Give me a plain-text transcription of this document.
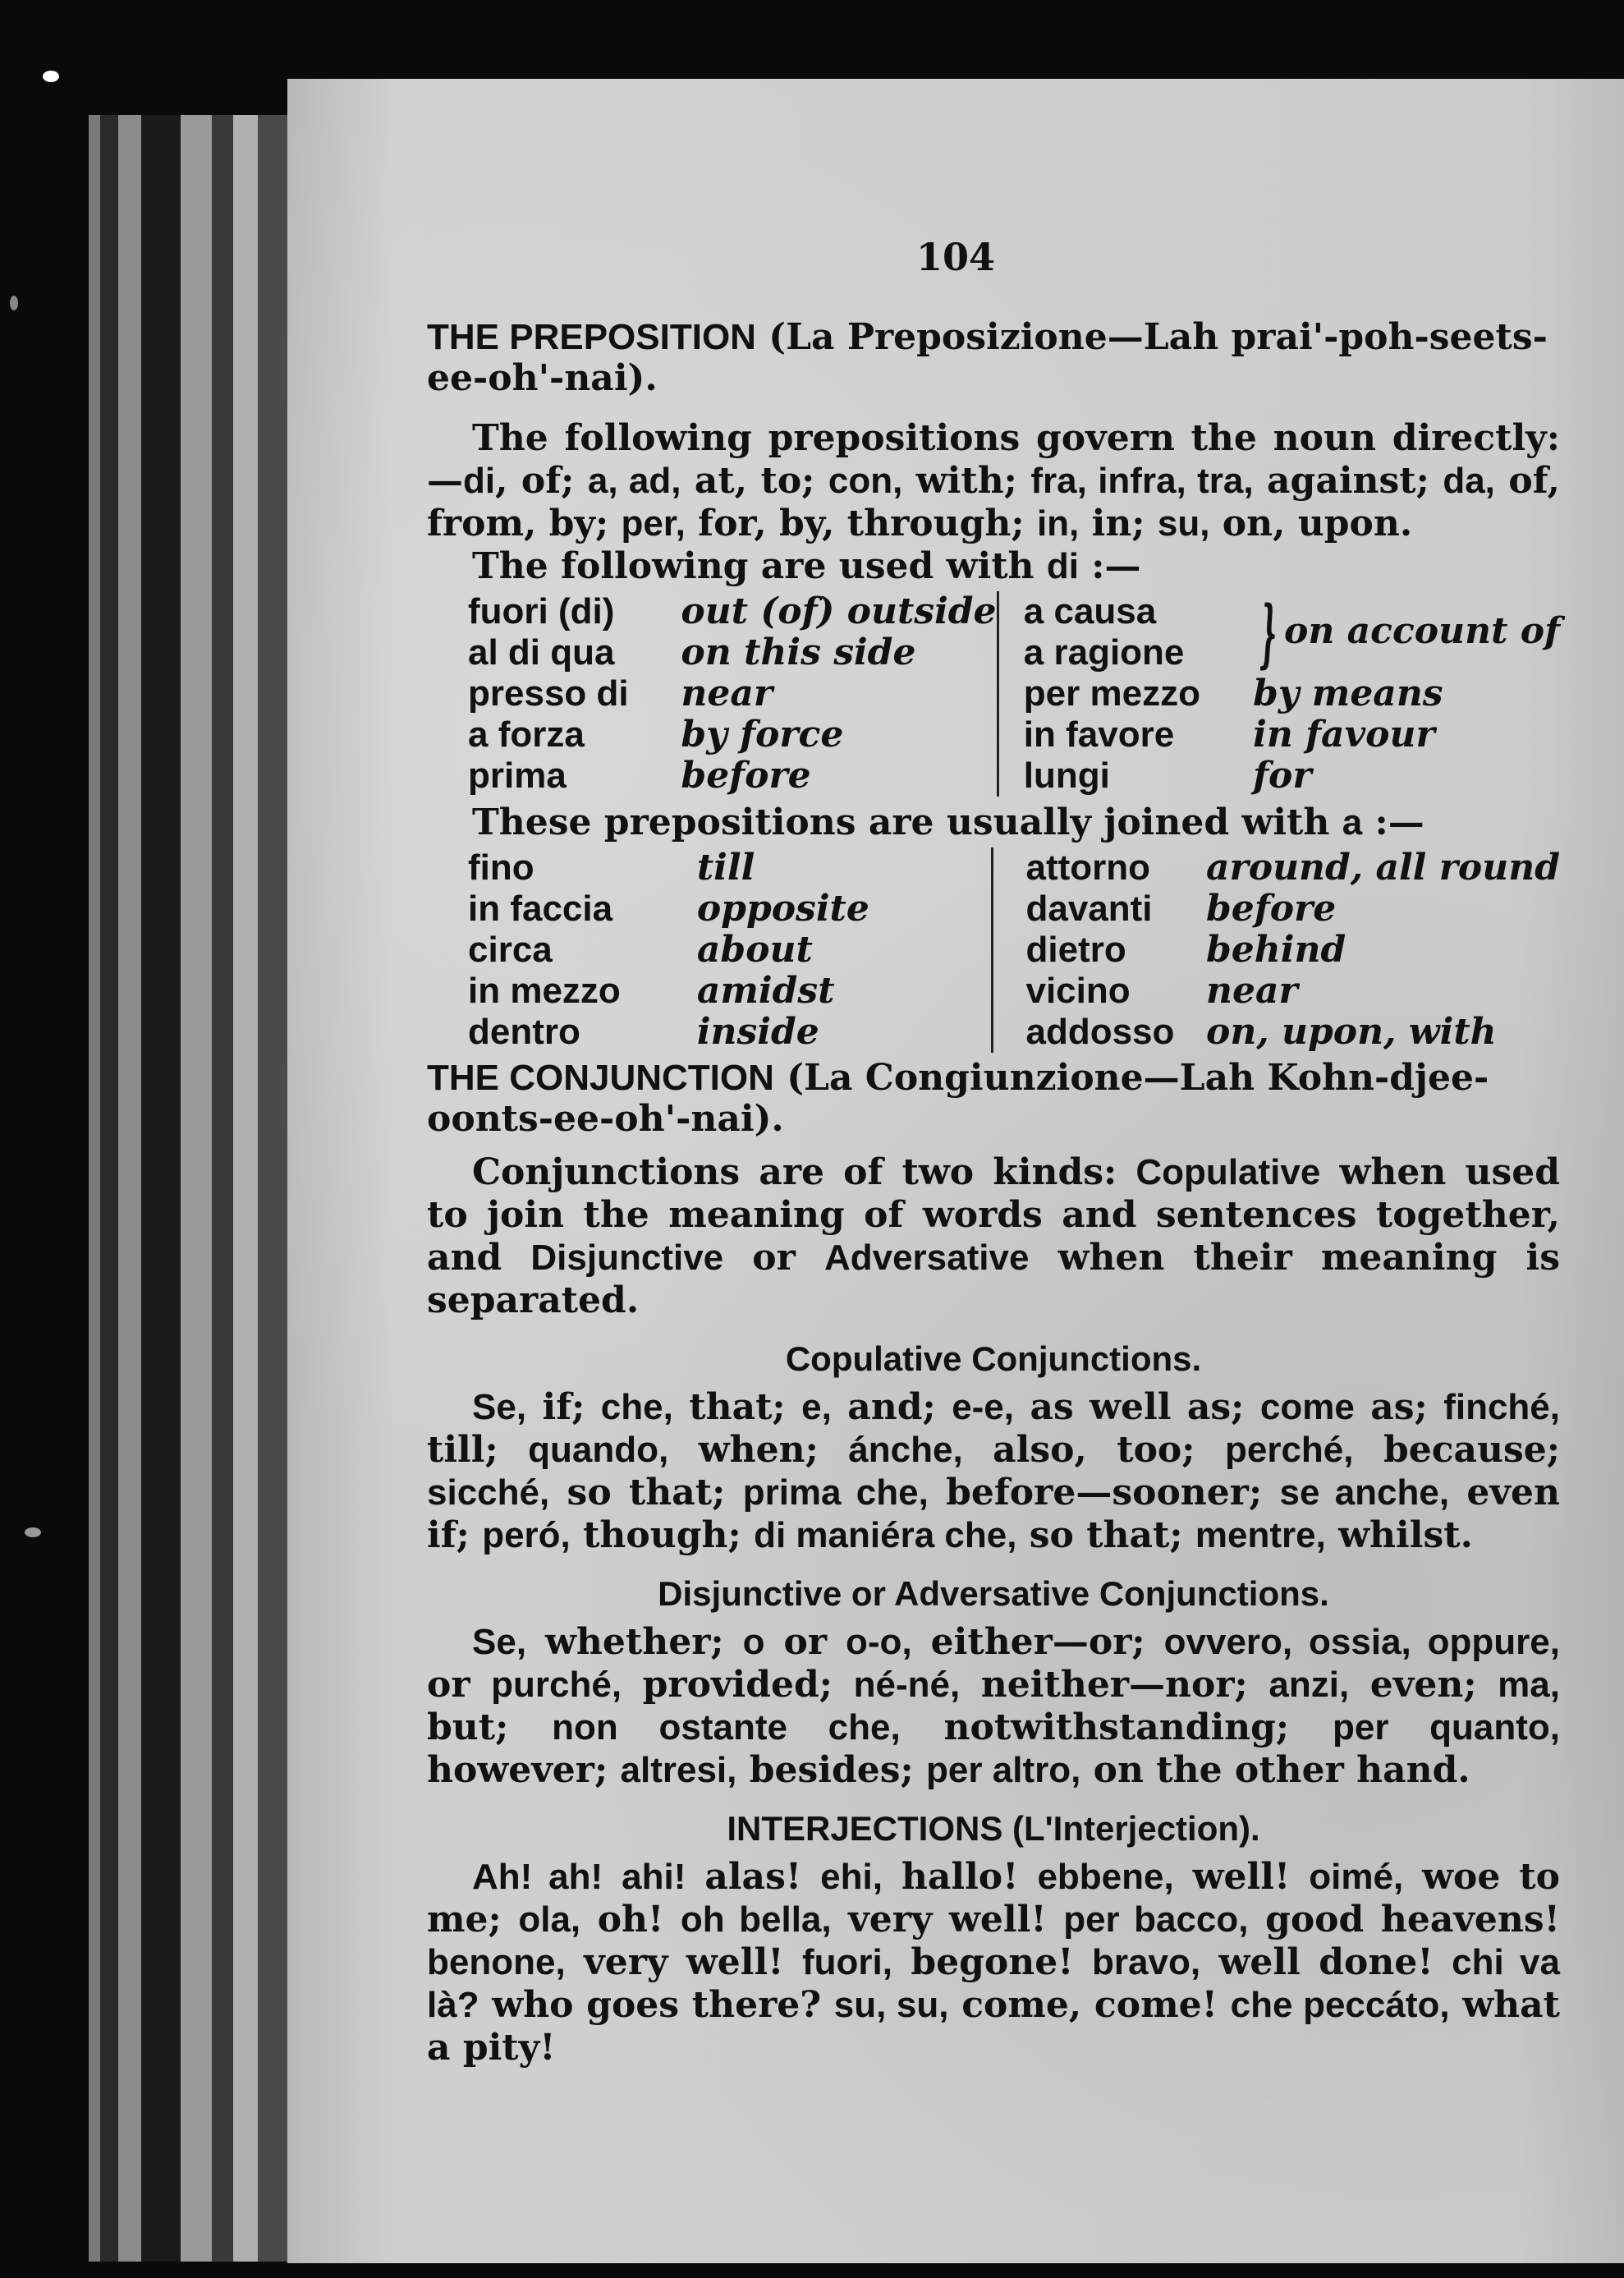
104

THE PREPOSITION (La Preposizione—Lah prai'-poh-seets-ee-oh'-nai).

The following prepositions govern the noun directly:—di, of; a, ad, at, to; con, with; fra, infra, tra, against; da, of, from, by; per, for, by, through; in, in; su, on, upon.

The following are used with di :—

fuori (di)	out (of) outside		a causa	} on account of
al di qua	on this side		a ragione	
presso di	near		per mezzo	by means
a forza	by force		in favore	in favour
prima	before		lungi	for

These prepositions are usually joined with a :—

fino	till		attorno	around, all round
in faccia	opposite		davanti	before
circa	about		dietro	behind
in mezzo	amidst		vicino	near
dentro	inside		addosso	on, upon, with

THE CONJUNCTION (La Congiunzione—Lah Kohn-djee-oonts-ee-oh'-nai).

Conjunctions are of two kinds: Copulative when used to join the meaning of words and sentences together, and Disjunctive or Adversative when their meaning is separated.

Copulative Conjunctions.

Se, if; che, that; e, and; e-e, as well as; come as; finché, till; quando, when; ánche, also, too; perché, because; sicché, so that; prima che, before—sooner; se anche, even if; peró, though; di maniéra che, so that; mentre, whilst.

Disjunctive or Adversative Conjunctions.

Se, whether; o or o-o, either—or; ovvero, ossia, oppure, or purché, provided; né-né, neither—nor; anzi, even; ma, but; non ostante che, notwithstanding; per quanto, however; altresi, besides; per altro, on the other hand.

INTERJECTIONS (L'Interjection).

Ah! ah! ahi! alas! ehi, hallo! ebbene, well! oimé, woe to me; ola, oh! oh bella, very well! per bacco, good heavens! benone, very well! fuori, begone! bravo, well done! chi va là? who goes there? su, su, come, come! che peccáto, what a pity!
